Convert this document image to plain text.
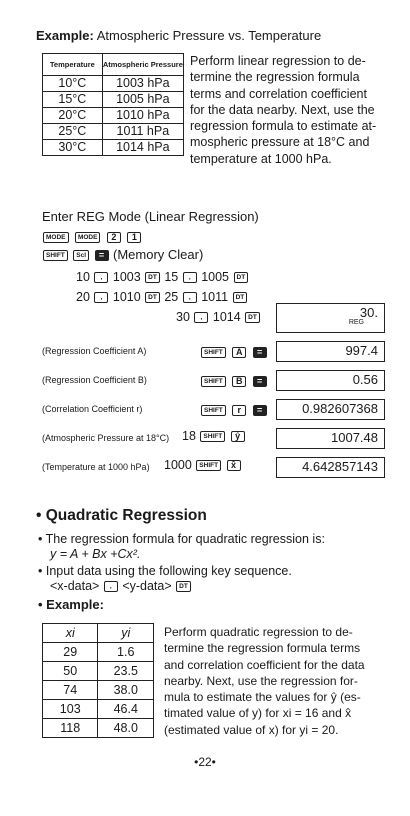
Example: Atmospheric Pressure vs. Temperature
Temperature	Atmospheric Pressure
10°C	1003 hPa
15°C	1005 hPa
20°C	1010 hPa
25°C	1011 hPa
30°C	1014 hPa
Perform linear regression to de-
termine the regression formula
terms and correlation coefficient
for the data nearby. Next, use the
regression formula to estimate at-
mospheric pressure at 18°C and
temperature at 1000 hPa.
Enter REG Mode (Linear Regression)
MODE MODE 2 1
SHIFT Scl = (Memory Clear)
10 , 1003 DT 15 , 1005 DT
20 , 1010 DT 25 , 1011 DT
30 , 1014 DT	30.
REG
(Regression Coefficient A)	SHIFT A =	997.4
(Regression Coefficient B)	SHIFT B =	0.56
(Correlation Coefficient r)	SHIFT r =	0.982607368
(Atmospheric Pressure at 18°C) 18 SHIFT ŷ	1007.48
(Temperature at 1000 hPa) 1000 SHIFT x̂	4.642857143
• Quadratic Regression
• The regression formula for quadratic regression is:
y = A + Bx +Cx².
• Input data using the following key sequence.
<x-data> , <y-data> DT
• Example:
xi	yi
29	1.6
50	23.5
74	38.0
103	46.4
118	48.0
Perform quadratic regression to de-
termine the regression formula terms
and correlation coefficient for the data
nearby. Next, use the regression for-
mula to estimate the values for ŷ (es-
timated value of y) for xi = 16 and x̂
(estimated value of x) for yi = 20.
•22•
